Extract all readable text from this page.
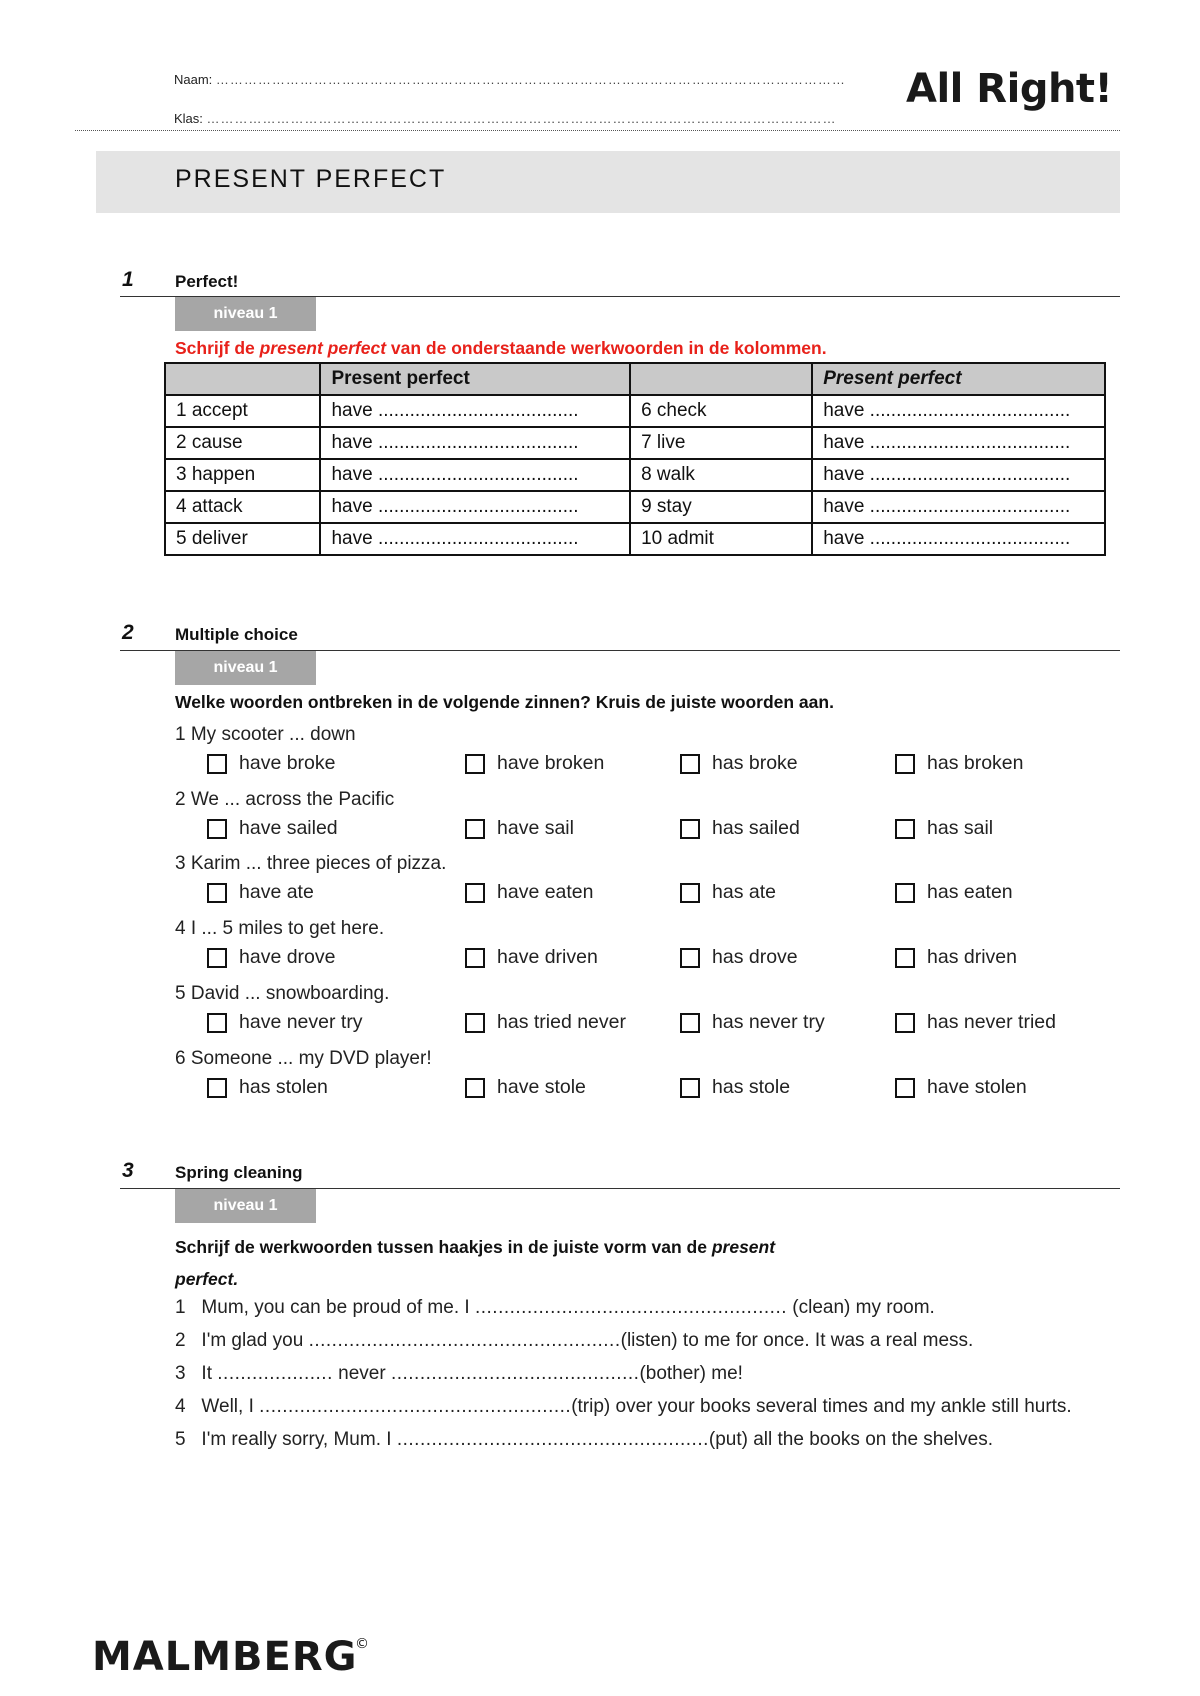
Naam: ………………………………………………………………………………………………………………………
Klas: ………………………………………………………………………………………………………………………
All Right!
PRESENT PERFECT
1 Perfect!
niveau 1
Schrijf de present perfect van de onderstaande werkwoorden in de kolommen.
	Present perfect		Present perfect
1 accept	have ......................................	6 check	have ......................................
2 cause	have ......................................	7 live	have ......................................
3 happen	have ......................................	8 walk	have ......................................
4 attack	have ......................................	9 stay	have ......................................
5 deliver	have ......................................	10 admit	have ......................................
2 Multiple choice
niveau 1
Welke woorden ontbreken in de volgende zinnen? Kruis de juiste woorden aan.
1 My scooter ... down
have broke	have broken	has broke	has broken
2 We ... across the Pacific
have sailed	have sail	has sailed	has sail
3 Karim ... three pieces of pizza.
have ate	have eaten	has ate	has eaten
4 I ... 5 miles to get here.
have drove	have driven	has drove	has driven
5 David ... snowboarding.
have never try	has tried never	has never try	has never tried
6 Someone ... my DVD player!
has stolen	have stole	has stole	have stolen
3 Spring cleaning
niveau 1
Schrijf de werkwoorden tussen haakjes in de juiste vorm van de present
perfect.
1 Mum, you can be proud of me. I ...................................................... (clean) my room.
2 I'm glad you ......................................................(listen) to me for once. It was a real mess.
3 It .................... never ...........................................(bother) me!
4 Well, I ......................................................(trip) over your books several times and my ankle still hurts.
5 I'm really sorry, Mum. I ......................................................(put) all the books on the shelves.
MALMBERG
©
